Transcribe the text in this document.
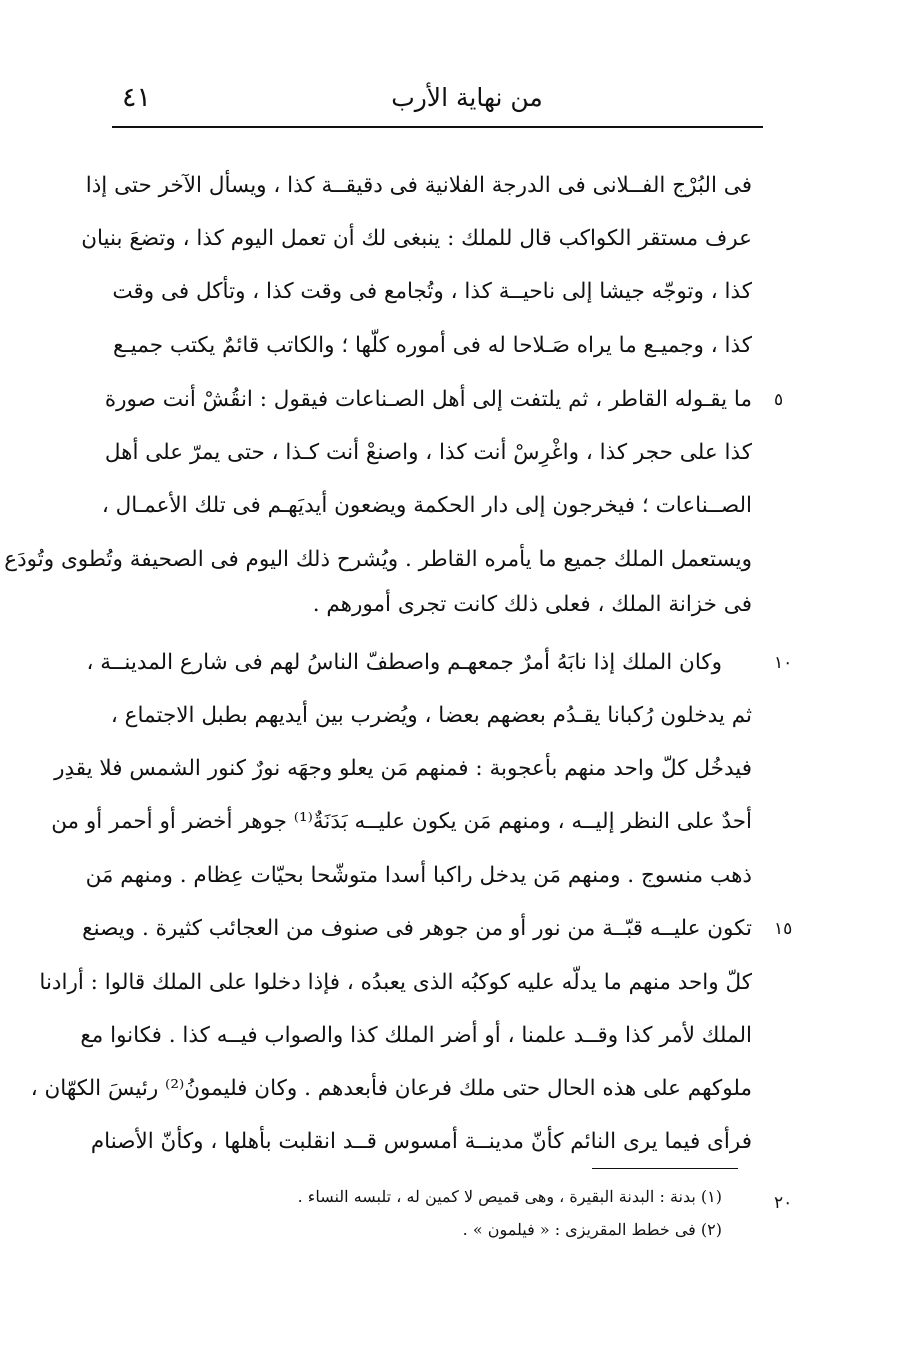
٤١	من نهاية الأرب
فى البُرْج الفــلانى فى الدرجة الفلانية فى دقيقــة كذا ، ويسأل الآخر حتى إذا
عرف مستقر الكواكب قال للملك : ينبغى لك أن تعمل اليوم كذا ، وتضعَ بنيان
كذا ، وتوجّه جيشا إلى ناحيــة كذا ، وتُجامع فى وقت كذا ، وتأكل فى وقت
كذا ، وجميـع ما يراه صَـلاحا له فى أموره كلّها ؛ والكاتب قائمٌ يكتب جميـع
ما يقـوله القاطر ، ثم يلتفت إلى أهل الصـناعات فيقول : انقُشْ أنت صورة
كذا على حجر كذا ، واغْرِسْ أنت كذا ، واصنعْ أنت كـذا ، حتى يمرّ على أهل
الصــناعات ؛ فيخرجون إلى دار الحكمة ويضعون أيديَهـم فى تلك الأعمـال ،
ويستعمل الملك جميع ما يأمره القاطر . ويُشرح ذلك اليوم فى الصحيفة وتُطوى وتُودَع
فى خزانة الملك ، فعلى ذلك كانت تجرى أمورهم .
وكان الملك إذا نابَهُ أمرٌ جمعهـم واصطفّ الناسُ لهم فى شارع المدينــة ،
ثم يدخلون رُكبانا يقـدُم بعضهم بعضا ، ويُضرب بين أيديهم بطبل الاجتماع ،
فيدخُل كلّ واحد منهم بأعجوبة : فمنهم مَن يعلو وجهَه نورٌ كنور الشمس فلا يقدِر
أحدٌ على النظر إليــه ، ومنهم مَن يكون عليــه بَدَنَةٌ⁽¹⁾ جوهر أخضر أو أحمر أو من
ذهب منسوج . ومنهم مَن يدخل راكبا أسدا متوشّحا بحيّات عِظام . ومنهم مَن
تكون عليــه قبّــة من نور أو من جوهر فى صنوف من العجائب كثيرة . ويصنع
كلّ واحد منهم ما يدلّه عليه كوكبُه الذى يعبدُه ، فإذا دخلوا على الملك قالوا : أرادنا
الملك لأمر كذا وقــد علمنا ، أو أضر الملك كذا والصواب فيــه كذا . فكانوا مع
ملوكهم على هذه الحال حتى ملك فرعان فأبعدهم . وكان فليمونُ⁽²⁾ رئيسَ الكهّان ،
فرأى فيما يرى النائم كأنّ مدينــة أمسوس قــد انقلبت بأهلها ، وكأنّ الأصنام
٥
١٠
١٥
٢٠
(١) بدنة : البدنة البقيرة ، وهى قميص لا كمين له ، تلبسه النساء .
(٢) فى خطط المقريزى : « فيلمون » .
